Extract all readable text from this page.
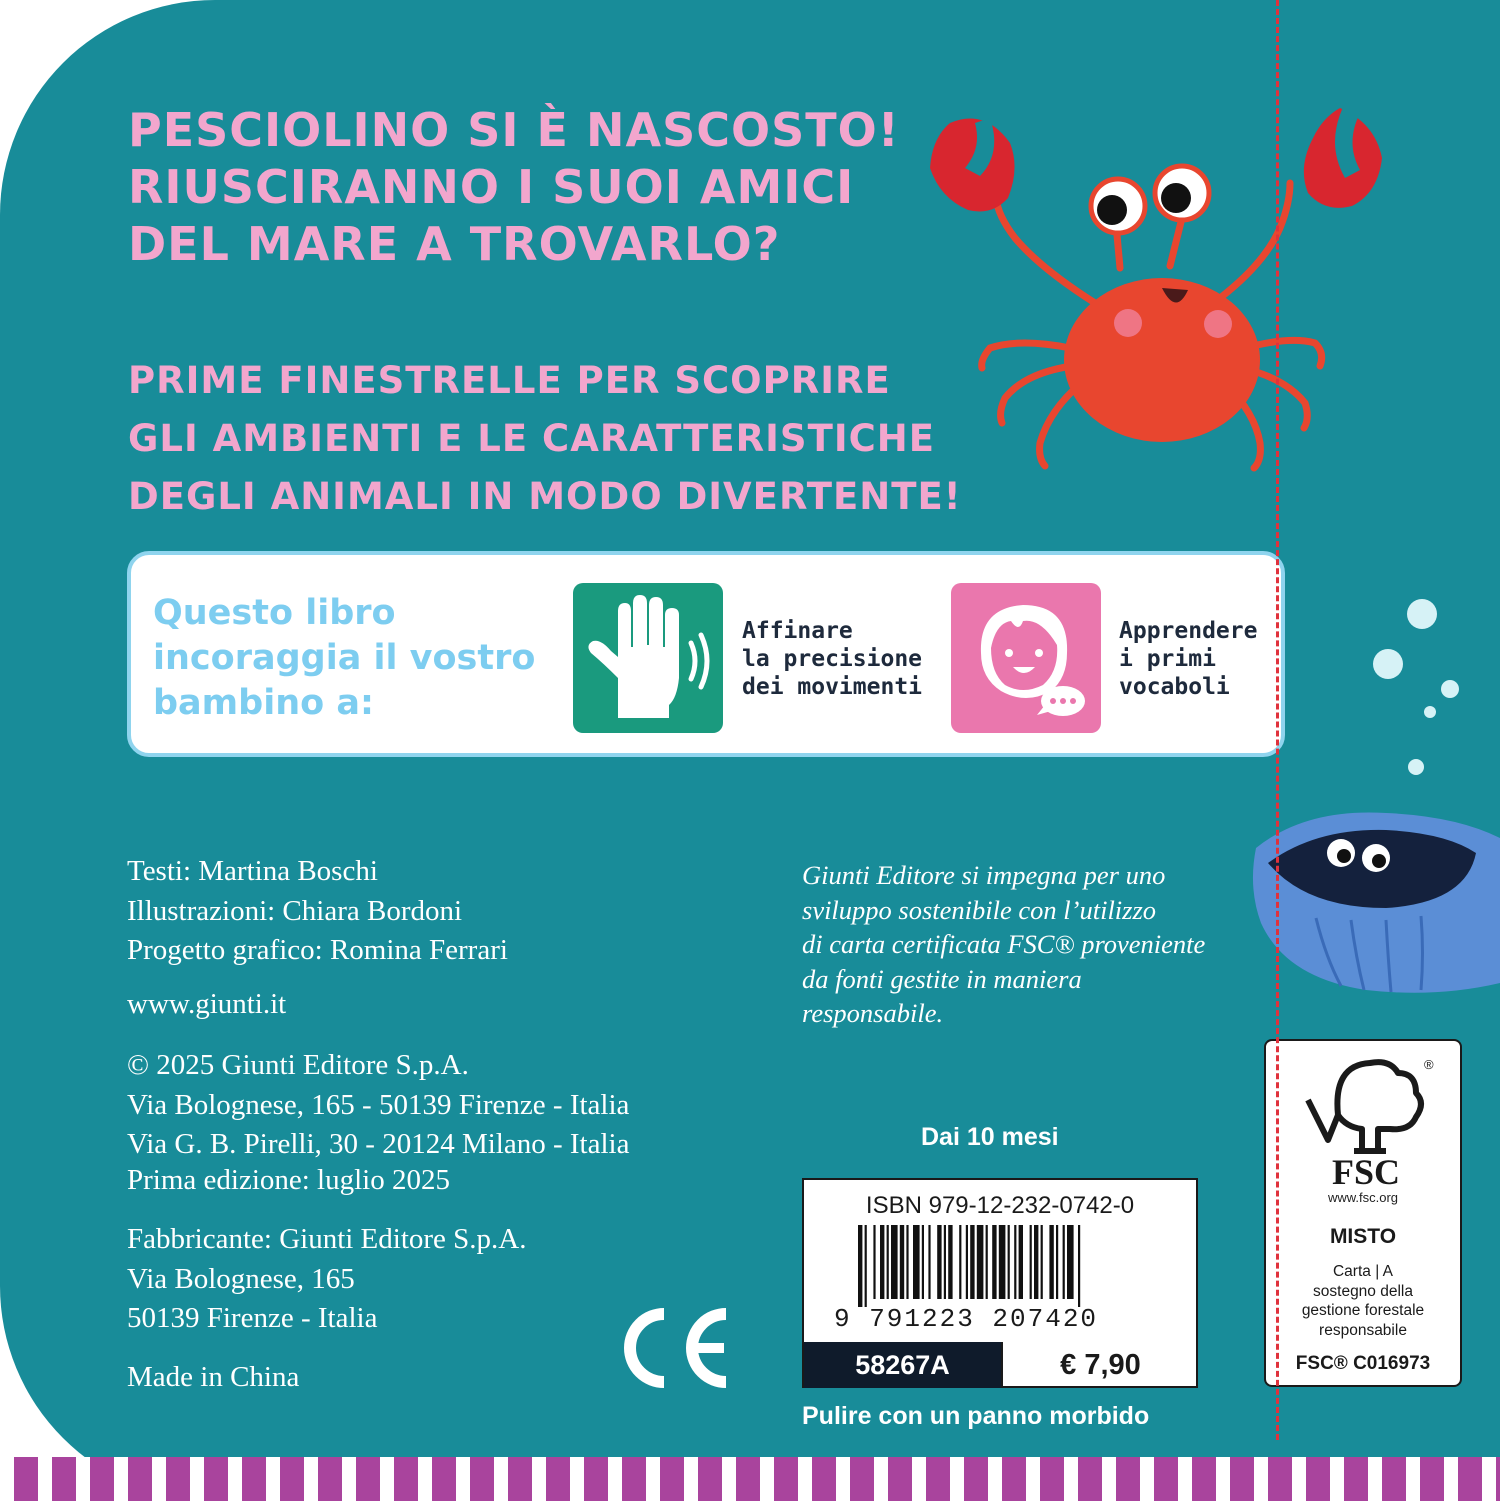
PESCIOLINO SI È NASCOSTO!
RIUSCIRANNO I SUOI AMICI
DEL MARE A TROVARLO?
PRIME FINESTRELLE PER SCOPRIRE
GLI AMBIENTI E LE CARATTERISTICHE
DEGLI ANIMALI IN MODO DIVERTENTE!
Questo libro
incoraggia il vostro
bambino a:
Affinare
la precisione
dei movimenti
Apprendere
i primi
vocaboli
Testi: Martina Boschi
Illustrazioni: Chiara Bordoni
Progetto grafico: Romina Ferrari
www.giunti.it
© 2025 Giunti Editore S.p.A.
Via Bolognese, 165 - 50139 Firenze - Italia
Via G. B. Pirelli, 30 - 20124 Milano - Italia
Prima edizione: luglio 2025
Fabbricante: Giunti Editore S.p.A.
Via Bolognese, 165
50139 Firenze - Italia
Made in China
Giunti Editore si impegna per uno
sviluppo sostenibile con l’utilizzo
di carta certificata FSC® proveniente
da fonti gestite in maniera
responsabile.
Dai 10 mesi
ISBN 979-12-232-0742-0
9 791223 207420
58267A	€ 7,90
Pulire con un panno morbido
®
FSC
www.fsc.org
MISTO
Carta | A
sostegno della
gestione forestale
responsabile
FSC® C016973
